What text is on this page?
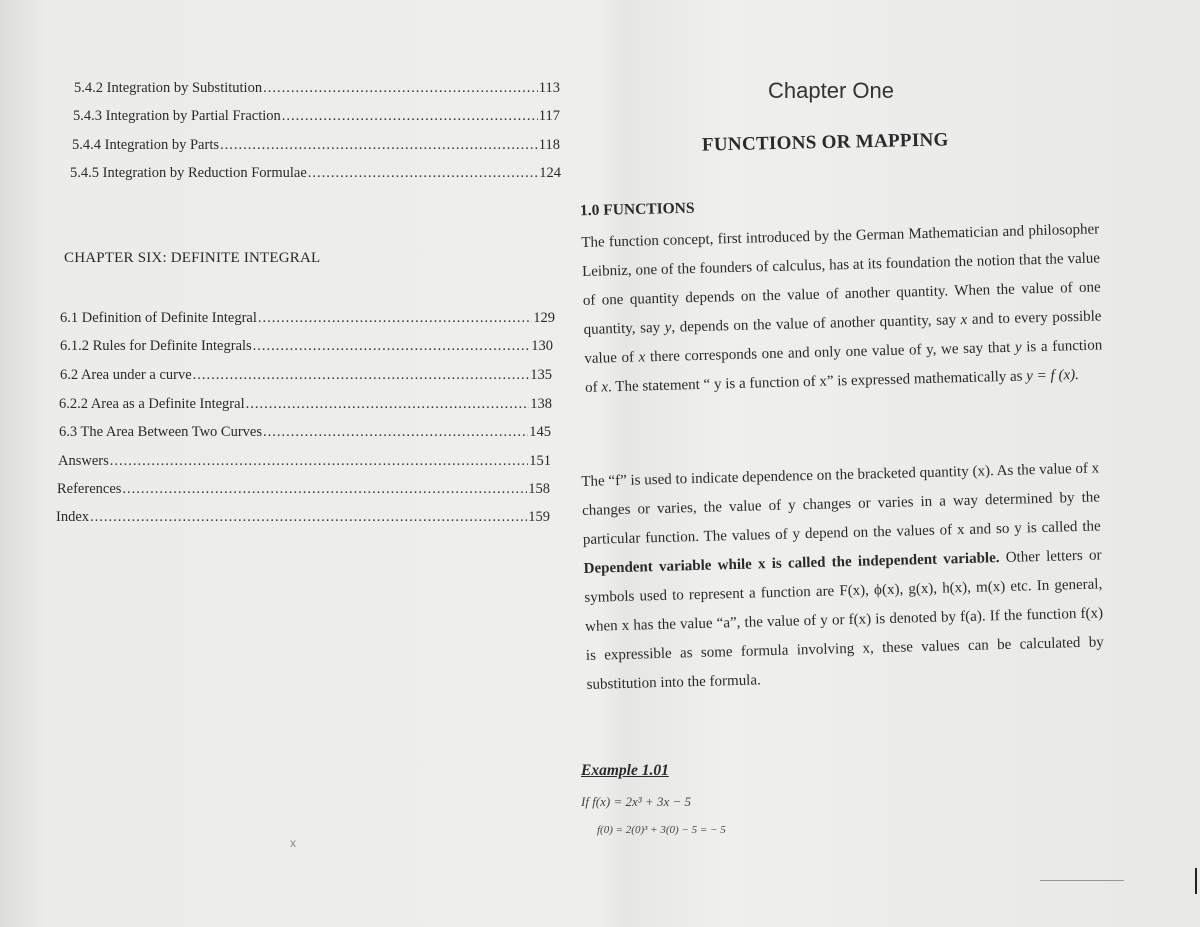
5.4.2 Integration by Substitution .....	113
5.4.3 Integration by Partial Fraction .....	117
5.4.4 Integration by Parts .....	118
5.4.5 Integration by Reduction Formulae .....	124
CHAPTER SIX: DEFINITE INTEGRAL
6.1 Definition of Definite Integral .....	129
6.1.2 Rules for Definite Integrals .....	130
6.2 Area under a curve .....	135
6.2.2 Area as a Definite Integral .....	138
6.3 The Area Between Two Curves .....	145
Answers .....	151
References .....	158
Index .....	159
x
Chapter One
FUNCTIONS OR MAPPING
1.0 FUNCTIONS
The function concept, first introduced by the German Mathematician and philosopher Leibniz, one of the founders of calculus, has at its foundation the notion that the value of one quantity depends on the value of another quantity. When the value of one quantity, say y, depends on the value of another quantity, say x and to every possible value of x there corresponds one and only one value of y, we say that y is a function of x. The statement “ y is a function of x” is expressed mathematically as y = f (x).
The “f” is used to indicate dependence on the bracketed quantity (x). As the value of x changes or varies, the value of y changes or varies in a way determined by the particular function. The values of y depend on the values of x and so y is called the Dependent variable while x is called the independent variable. Other letters or symbols used to represent a function are F(x), ϕ(x), g(x), h(x), m(x) etc. In general, when x has the value “a”, the value of y or f(x) is denoted by f(a). If the function f(x) is expressible as some formula involving x, these values can be calculated by substitution into the formula.
Example 1.01
If f(x) = 2x³ + 3x − 5
f(0) = 2(0)³ + 3(0) − 5 = − 5
